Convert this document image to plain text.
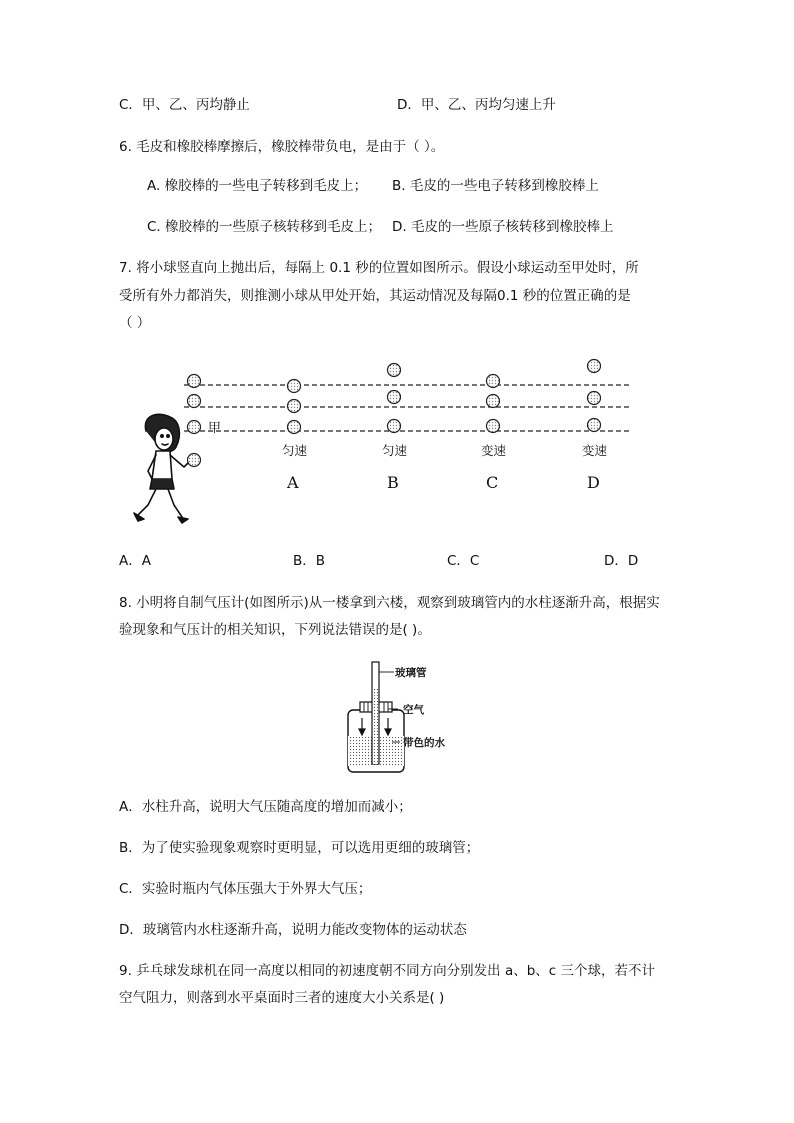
C．甲、乙、丙均静止	D．甲、乙、丙均匀速上升
6. 毛皮和橡胶棒摩擦后，橡胶棒带负电，是由于（ ）。
A. 橡胶棒的一些电子转移到毛皮上； B. 毛皮的一些电子转移到橡胶棒上
C. 橡胶棒的一些原子核转移到毛皮上； D. 毛皮的一些原子核转移到橡胶棒上
7. 将小球竖直向上抛出后，每隔上 0.1 秒的位置如图所示。假设小球运动至甲处时，所
受所有外力都消失，则推测小球从甲处开始，其运动情况及每隔0.1 秒的位置正确的是
（ ）
甲
匀速	匀速	变速	变速
A	B	C	D
A．A	B．B	C．C	D．D
8. 小明将自制气压计(如图所示)从一楼拿到六楼，观察到玻璃管内的水柱逐渐升高，根据实
验现象和气压计的相关知识，下列说法错误的是( )。
玻璃管
空气
带色的水
A．水柱升高，说明大气压随高度的增加而减小；
B．为了使实验现象观察时更明显，可以选用更细的玻璃管；
C．实验时瓶内气体压强大于外界大气压；
D．玻璃管内水柱逐渐升高，说明力能改变物体的运动状态
9. 乒乓球发球机在同一高度以相同的初速度朝不同方向分别发出 a、b、c 三个球，若不计
空气阻力，则落到水平桌面时三者的速度大小关系是( )
